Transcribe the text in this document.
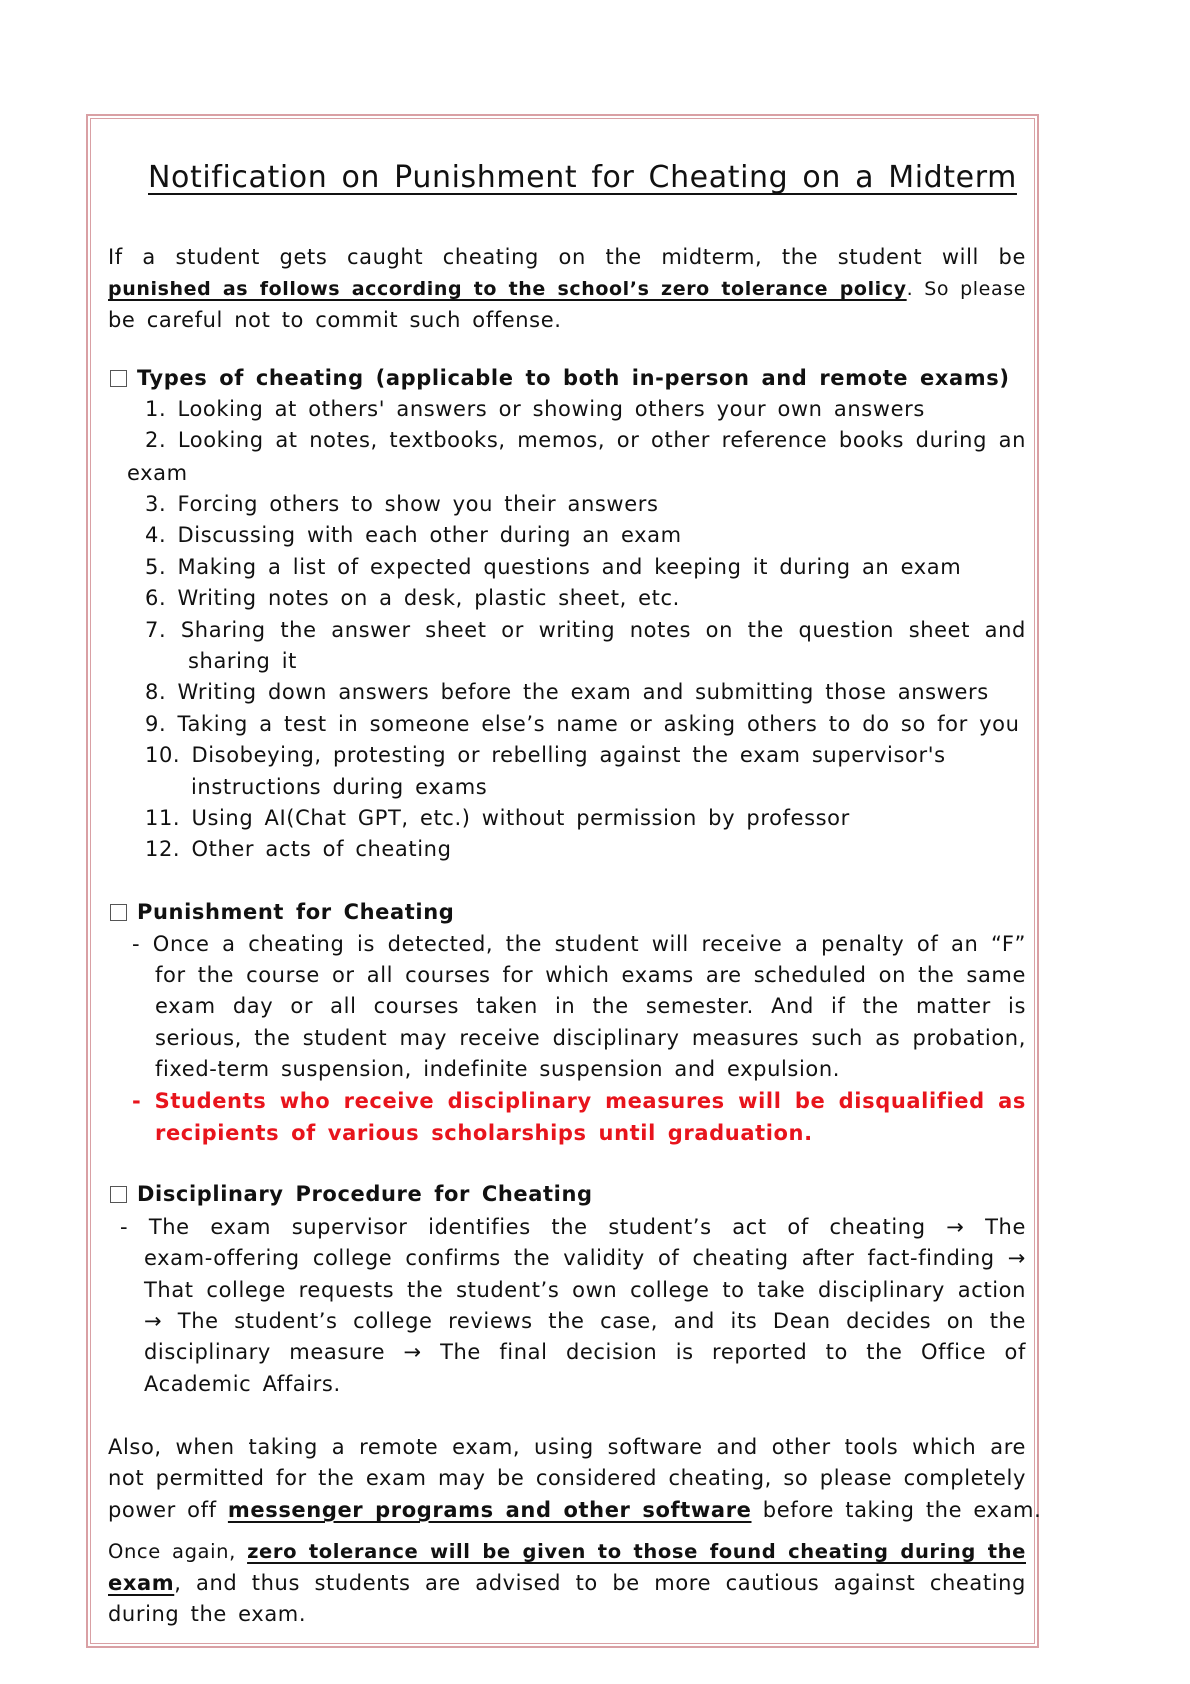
Notification on Punishment for Cheating on a Midterm
If a student gets caught cheating on the midterm, the student will be
punished as follows according to the school’s zero tolerance policy. So please
be careful not to commit such offense.
Types of cheating (applicable to both in-person and remote exams)
1. Looking at others' answers or showing others your own answers
2. Looking at notes, textbooks, memos, or other reference books during an
exam
3. Forcing others to show you their answers
4. Discussing with each other during an exam
5. Making a list of expected questions and keeping it during an exam
6. Writing notes on a desk, plastic sheet, etc.
7. Sharing the answer sheet or writing notes on the question sheet and
sharing it
8. Writing down answers before the exam and submitting those answers
9. Taking a test in someone else’s name or asking others to do so for you
10. Disobeying, protesting or rebelling against the exam supervisor's
instructions during exams
11. Using AI(Chat GPT, etc.) without permission by professor
12. Other acts of cheating
Punishment for Cheating
- Once a cheating is detected, the student will receive a penalty of an “F”
for the course or all courses for which exams are scheduled on the same
exam day or all courses taken in the semester. And if the matter is
serious, the student may receive disciplinary measures such as probation,
fixed-term suspension, indefinite suspension and expulsion.
- Students who receive disciplinary measures will be disqualified as
recipients of various scholarships until graduation.
Disciplinary Procedure for Cheating
- The exam supervisor identifies the student’s act of cheating → The
exam-offering college confirms the validity of cheating after fact-finding →
That college requests the student’s own college to take disciplinary action
→ The student’s college reviews the case, and its Dean decides on the
disciplinary measure → The final decision is reported to the Office of
Academic Affairs.
Also, when taking a remote exam, using software and other tools which are
not permitted for the exam may be considered cheating, so please completely
power off messenger programs and other software before taking the exam.
Once again, zero tolerance will be given to those found cheating during the
exam, and thus students are advised to be more cautious against cheating
during the exam.
